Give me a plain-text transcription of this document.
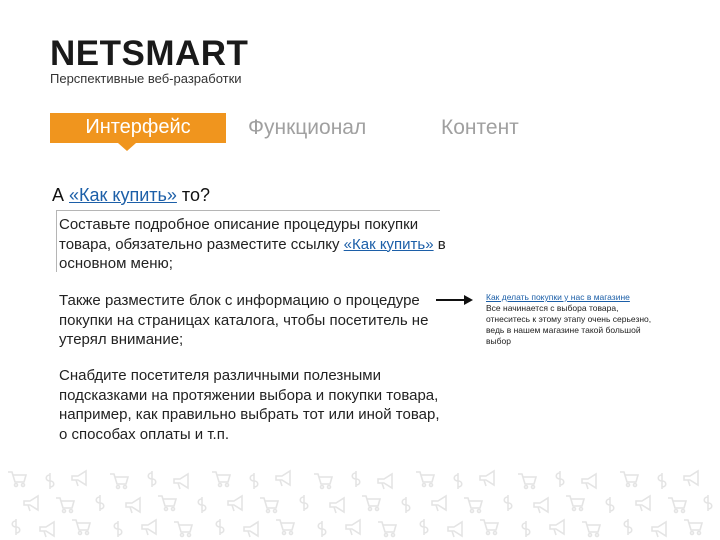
NETSMART
Перспективные веб-разработки
Интерфейс	Функционал	Контент
А «Как купить» то?
Составьте подробное описание процедуры покупки товара, обязательно разместите ссылку «Как купить» в основном меню;
Также разместите блок с информацию о процедуре покупки на страницах каталога, чтобы посетитель не утерял внимание;
Снабдите посетителя различными полезными подсказками на протяжении выбора и покупки товара, например, как правильно выбрать тот или иной товар, о способах оплаты и т.п.
Как делать покупки у нас в магазине
Все начинается с выбора товара, отнеситесь к этому этапу очень серьезно, ведь в нашем магазине такой большой выбор
